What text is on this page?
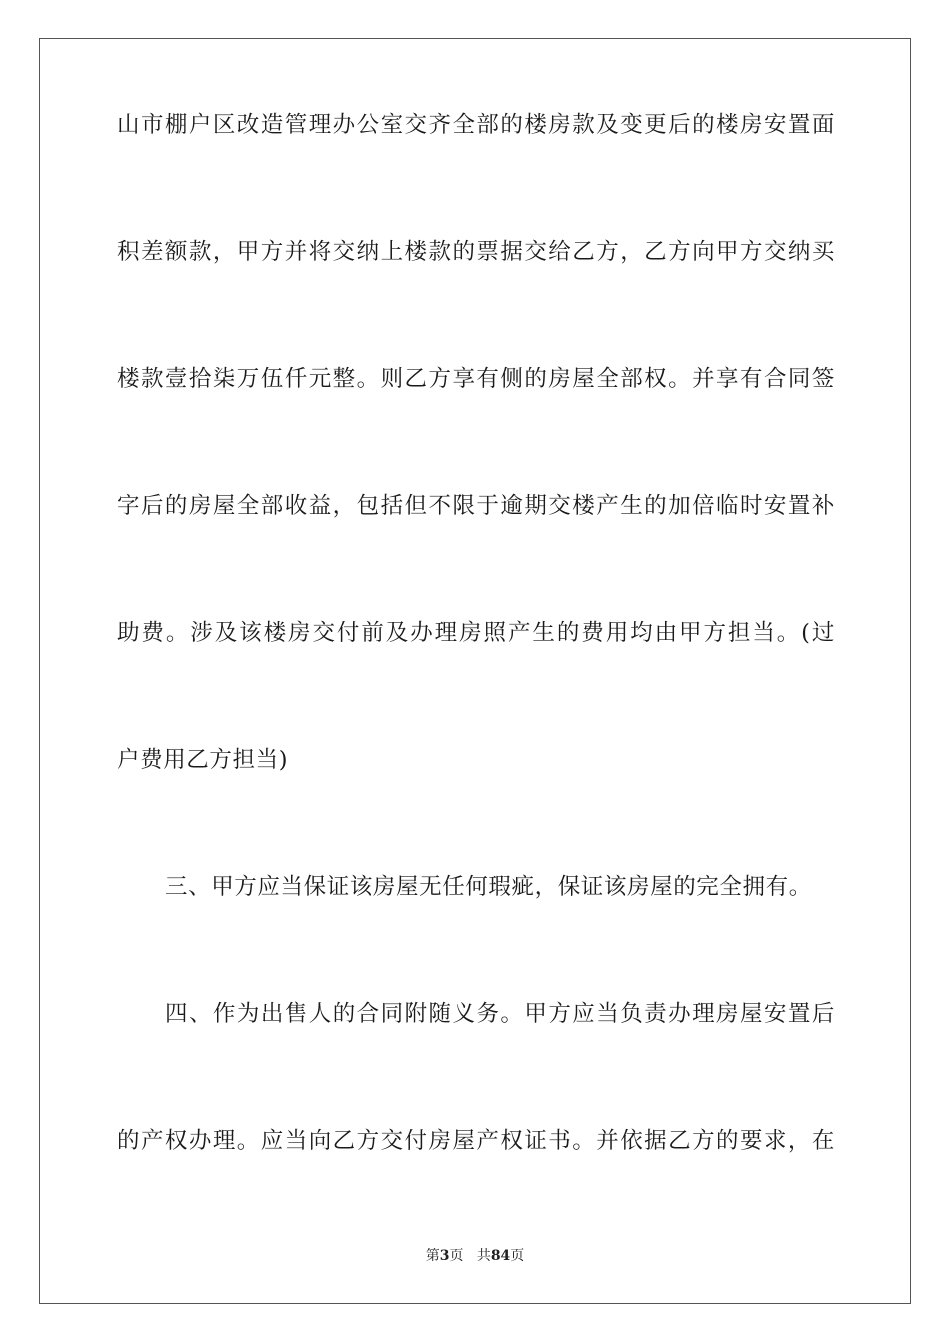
山市棚户区改造管理办公室交齐全部的楼房款及变更后的楼房安置面
积差额款，甲方并将交纳上楼款的票据交给乙方，乙方向甲方交纳买
楼款壹拾柒万伍仟元整。则乙方享有侧的房屋全部权。并享有合同签
字后的房屋全部收益，包括但不限于逾期交楼产生的加倍临时安置补
助费。涉及该楼房交付前及办理房照产生的费用均由甲方担当。(过
户费用乙方担当)
三、甲方应当保证该房屋无任何瑕疵，保证该房屋的完全拥有。
四、作为出售人的合同附随义务。甲方应当负责办理房屋安置后
的产权办理。应当向乙方交付房屋产权证书。并依据乙方的要求，在
第3页 共84页
